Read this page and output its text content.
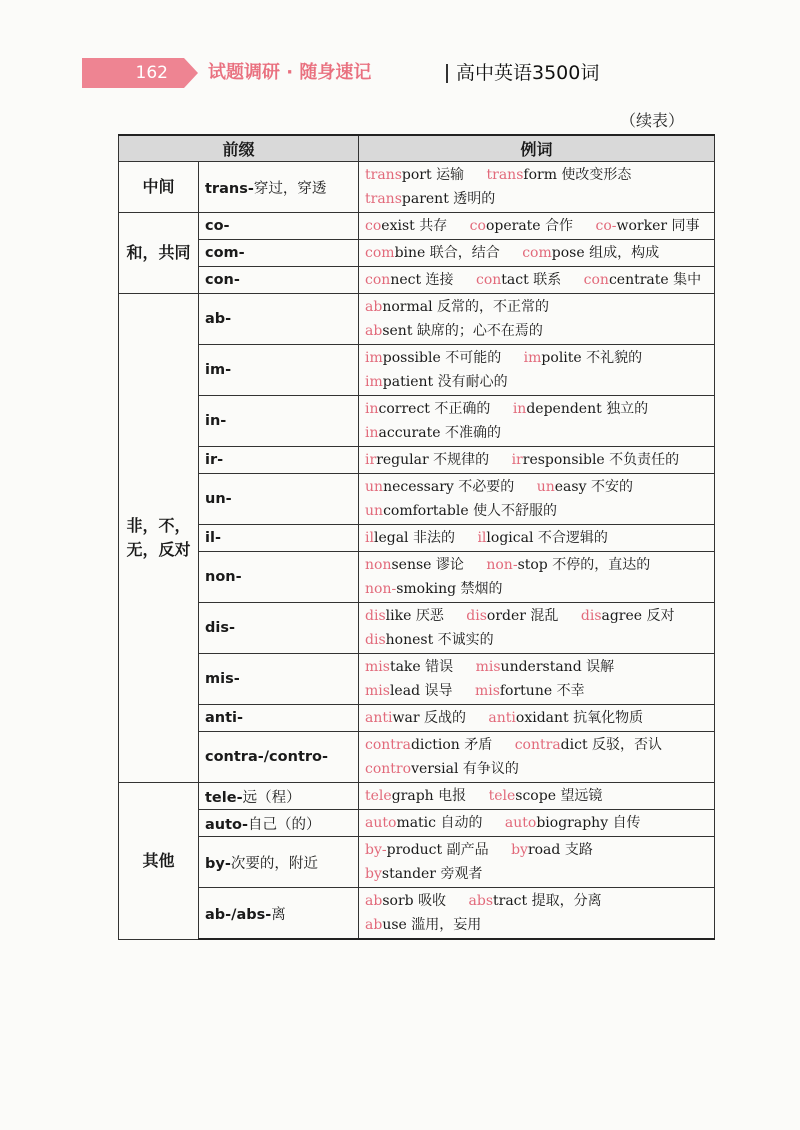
162	试题调研 · 随身速记	高中英语3500词
（续表）
前缀		例词
中间	trans-穿过，穿透	transport 运输 transform 使改变形态 transparent 透明的
和，共同	co-	coexist 共存 cooperate 合作 co-worker 同事
	com-	combine 联合，结合 compose 组成，构成
	con-	connect 连接 contact 联系 concentrate 集中
非，不，无，反对	ab-	abnormal 反常的，不正常的 absent 缺席的；心不在焉的
	im-	impossible 不可能的 impolite 不礼貌的 impatient 没有耐心的
	in-	incorrect 不正确的 independent 独立的 inaccurate 不准确的
	ir-	irregular 不规律的 irresponsible 不负责任的
	un-	unnecessary 不必要的 uneasy 不安的 uncomfortable 使人不舒服的
	il-	illegal 非法的 illogical 不合逻辑的
	non-	nonsense 谬论 non-stop 不停的，直达的 non-smoking 禁烟的
	dis-	dislike 厌恶 disorder 混乱 disagree 反对 dishonest 不诚实的
	mis-	mistake 错误 misunderstand 误解 mislead 误导 misfortune 不幸
	anti-	antiwar 反战的 antioxidant 抗氧化物质
	contra-/contro-	contradiction 矛盾 contradict 反驳，否认 controversial 有争议的
其他	tele-远（程）	telegraph 电报 telescope 望远镜
	auto-自己（的）	automatic 自动的 autobiography 自传
	by-次要的，附近	by-product 副产品 byroad 支路 bystander 旁观者
	ab-/abs-离	absorb 吸收 abstract 提取，分离 abuse 滥用，妄用
